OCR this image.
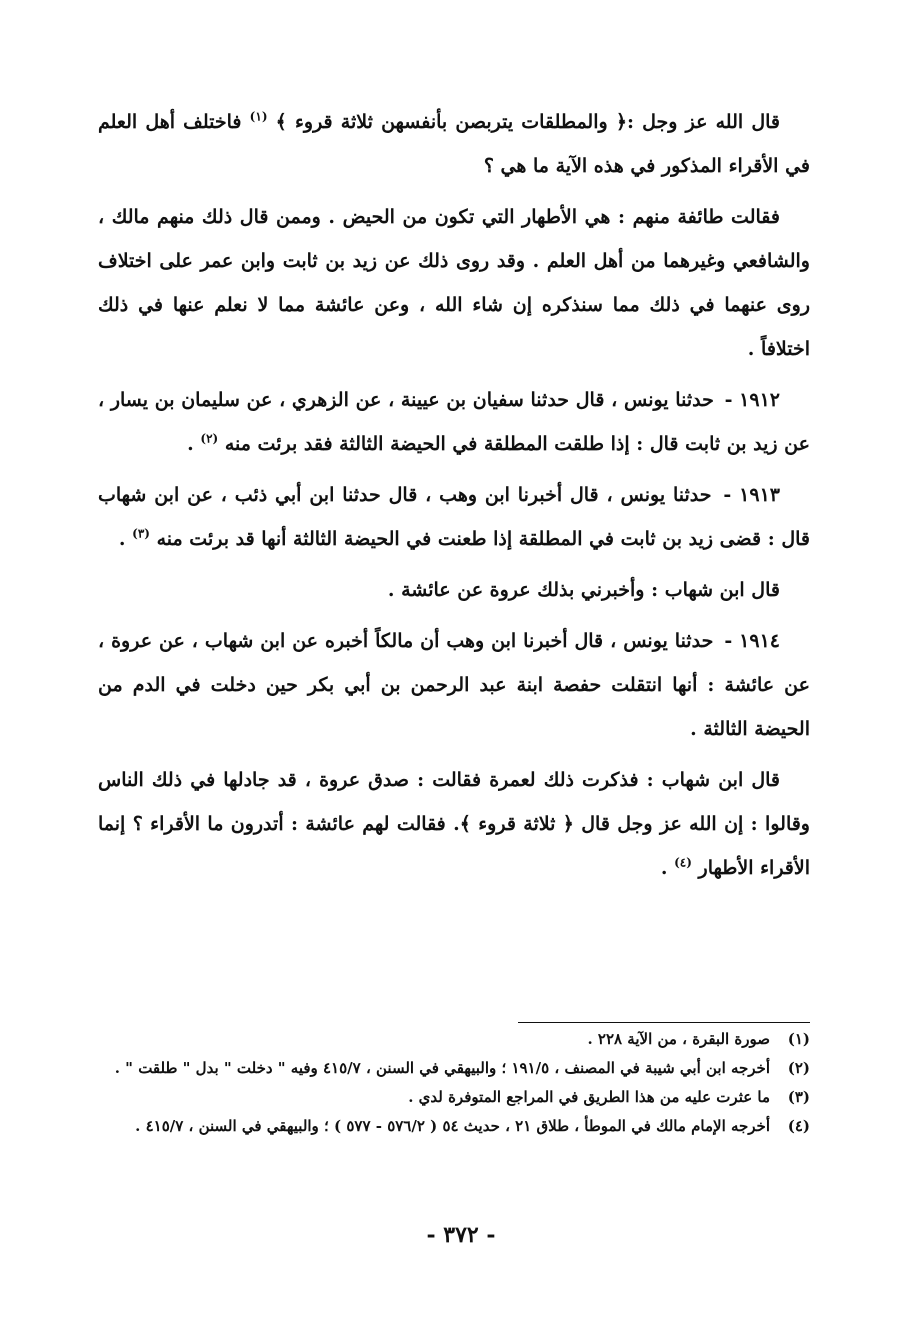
قال الله عز وجل :﴿ والمطلقات يتربصن بأنفسهن ثلاثة قروء ﴾ $^{(١)}$ فاختلف أهل العلم في الأقراء المذكور في هذه الآية ما هي ؟

فقالت طائفة منهم : هي الأطهار التي تكون من الحيض . وممن قال ذلك منهم مالك ، والشافعي وغيرهما من أهل العلم . وقد روى ذلك عن زيد بن ثابت وابن عمر على اختلاف روى عنهما في ذلك مما سنذكره إن شاء الله ، وعن عائشة مما لا نعلم عنها في ذلك اختلافاً .

١٩١٢ - حدثنا يونس ، قال حدثنا سفيان بن عيينة ، عن الزهري ، عن سليمان بن يسار ، عن زيد بن ثابت قال : إذا طلقت المطلقة في الحيضة الثالثة فقد برئت منه $^{(٢)}$ .

١٩١٣ - حدثنا يونس ، قال أخبرنا ابن وهب ، قال حدثنا ابن أبي ذئب ، عن ابن شهاب قال : قضى زيد بن ثابت في المطلقة إذا طعنت في الحيضة الثالثة أنها قد برئت منه $^{(٣)}$ .

قال ابن شهاب : وأخبرني بذلك عروة عن عائشة .

١٩١٤ - حدثنا يونس ، قال أخبرنا ابن وهب أن مالكاً أخبره عن ابن شهاب ، عن عروة ، عن عائشة : أنها انتقلت حفصة ابنة عبد الرحمن بن أبي بكر حين دخلت في الدم من الحيضة الثالثة .

قال ابن شهاب : فذكرت ذلك لعمرة فقالت : صدق عروة ، قد جادلها في ذلك الناس وقالوا : إن الله عز وجل قال ﴿ ثلاثة قروء ﴾. فقالت لهم عائشة : أتدرون ما الأقراء ؟ إنما الأقراء الأطهار $^{(٤)}$ .

(١)
صورة البقرة ، من الآية ٢٢٨ .
(٢)
أخرجه ابن أبي شيبة في المصنف ، ١٩١/٥ ؛ والبيهقي في السنن ، ٤١٥/٧ وفيه " دخلت " بدل " طلقت " .
(٣)
ما عثرت عليه من هذا الطريق في المراجع المتوفرة لدي .
(٤)
أخرجه الإمام مالك في الموطأ ، طلاق ٢١ ، حديث ٥٤ ( ٥٧٦/٢ - ٥٧٧ ) ؛ والبيهقي في السنن ، ٤١٥/٧ .
- ٣٧٢ -
